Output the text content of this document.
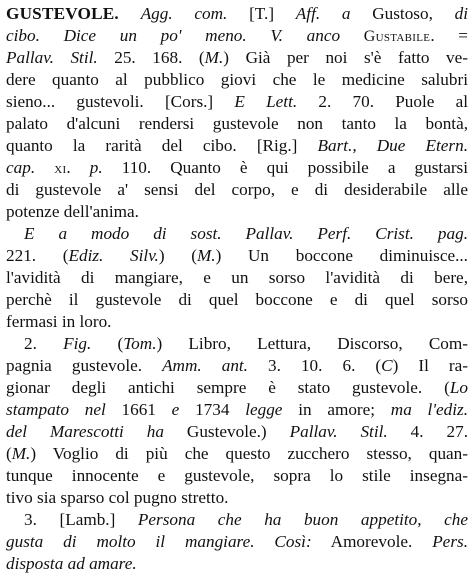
GUSTEVOLE. Agg. com. [T.] Aff. a Gustoso, di
cibo. Dice un po' meno. V. anco Gustabile. =
Pallav. Stil. 25. 168. (M.) Già per noi s'è fatto ve-
dere quanto al pubblico giovi che le medicine salubri
sieno... gustevoli. [Cors.] E Lett. 2. 70. Puole al
palato d'alcuni rendersi gustevole non tanto la bontà,
quanto la rarità del cibo. [Rig.] Bart., Due Etern.
cap. xi. p. 110. Quanto è qui possibile a gustarsi
di gustevole a' sensi del corpo, e di desiderabile alle
potenze dell'anima.
E a modo di sost. Pallav. Perf. Crist. pag.
221. (Ediz. Silv.) (M.) Un boccone diminuisce...
l'avidità di mangiare, e un sorso l'avidità di bere,
perchè il gustevole di quel boccone e di quel sorso
fermasi in loro.
2. Fig. (Tom.) Libro, Lettura, Discorso, Com-
pagnia gustevole. Amm. ant. 3. 10. 6. (C) Il ra-
gionar degli antichi sempre è stato gustevole. (Lo
stampato nel 1661 e 1734 legge in amore; ma l'ediz.
del Marescotti ha Gustevole.) Pallav. Stil. 4. 27.
(M.) Voglio di più che questo zucchero stesso, quan-
tunque innocente e gustevole, sopra lo stile insegna-
tivo sia sparso col pugno stretto.
3. [Lamb.] Persona che ha buon appetito, che
gusta di molto il mangiare. Così: Amorevole. Pers.
disposta ad amare.
